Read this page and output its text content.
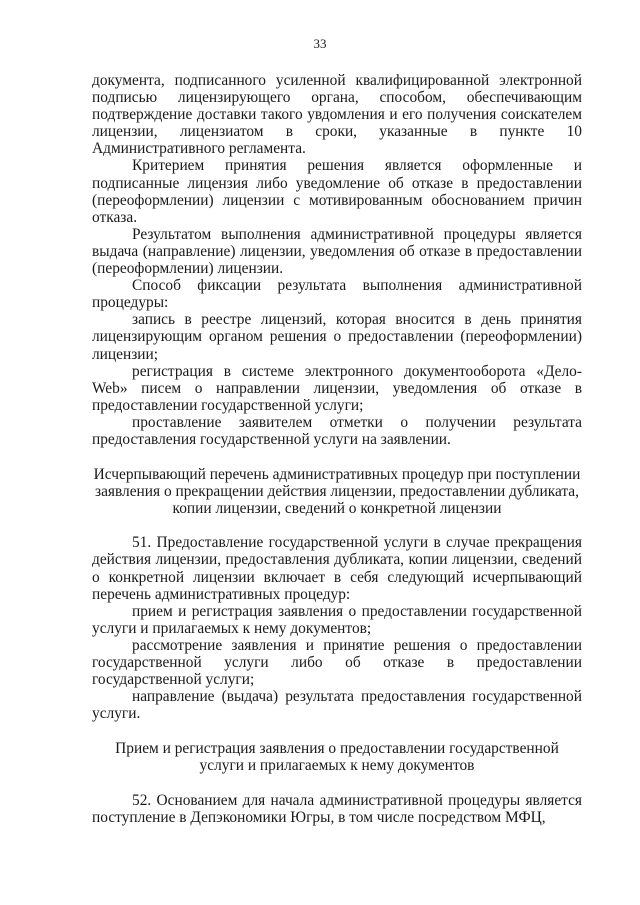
33

документа, подписанного усиленной квалифицированной электронной подписью лицензирующего органа, способом, обеспечивающим подтверждение доставки такого увдомления и его получения соискателем лицензии, лицензиатом в сроки, указанные в пункте 10 Административного регламента.

Критерием принятия решения является оформленные и подписанные лицензия либо уведомление об отказе в предоставлении (переоформлении) лицензии с мотивированным обоснованием причин отказа.

Результатом выполнения административной процедуры является выдача (направление) лицензии, уведомления об отказе в предоставлении (переоформлении) лицензии.

Способ фиксации результата выполнения административной процедуры:

запись в реестре лицензий, которая вносится в день принятия лицензирующим органом решения о предоставлении (переоформлении) лицензии;

регистрация в системе электронного документооборота «Дело-Web» писем о направлении лицензии, уведомления об отказе в предоставлении государственной услуги;

проставление заявителем отметки о получении результата предоставления государственной услуги на заявлении.

Исчерпывающий перечень административных процедур при поступлении заявления о прекращении действия лицензии, предоставлении дубликата, копии лицензии, сведений о конкретной лицензии

51. Предоставление государственной услуги в случае прекращения действия лицензии, предоставления дубликата, копии лицензии, сведений о конкретной лицензии включает в себя следующий исчерпывающий перечень административных процедур:

прием и регистрация заявления о предоставлении государственной услуги и прилагаемых к нему документов;

рассмотрение заявления и принятие решения о предоставлении государственной услуги либо об отказе в предоставлении государственной услуги;

направление (выдача) результата предоставления государственной услуги.

Прием и регистрация заявления о предоставлении государственной услуги и прилагаемых к нему документов

52. Основанием для начала административной процедуры является поступление в Депэкономики Югры, в том числе посредством МФЦ,
